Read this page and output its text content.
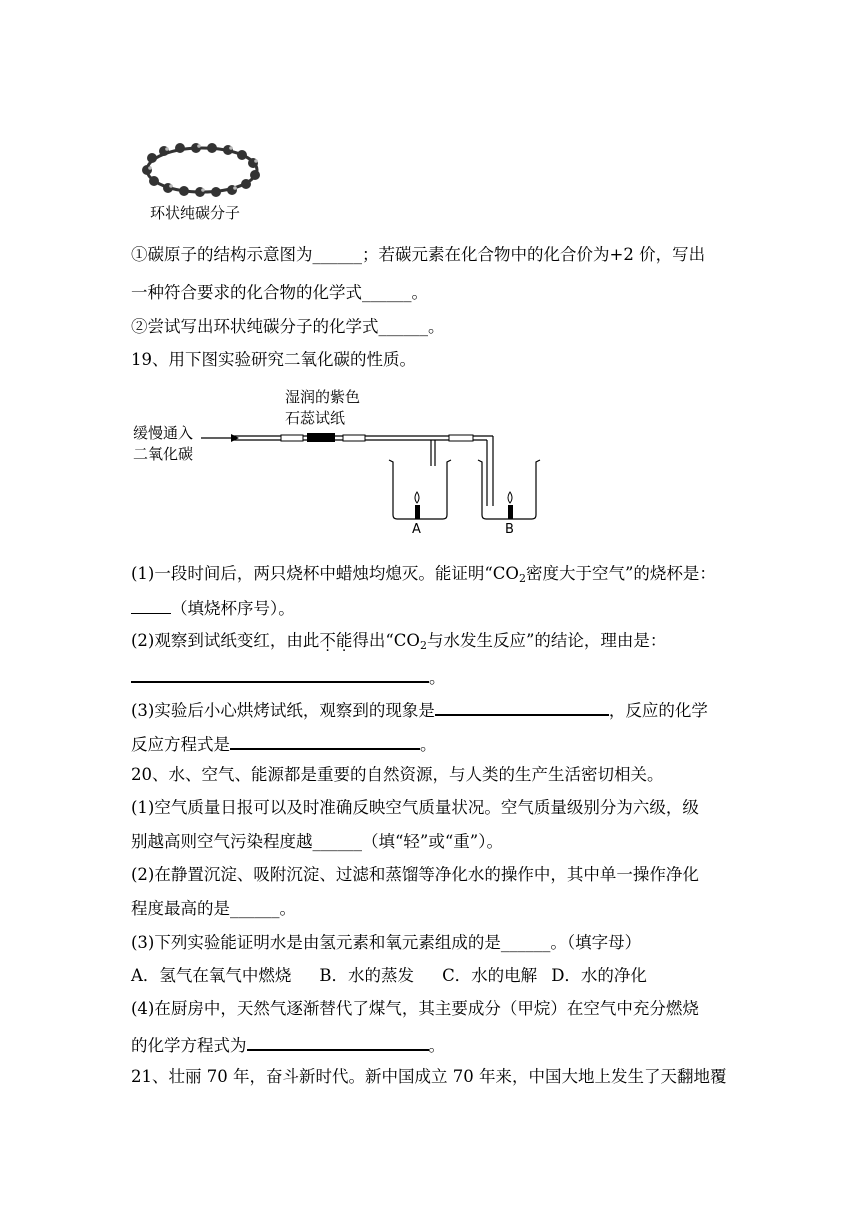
环状纯碳分子
①碳原子的结构示意图为______；若碳元素在化合物中的化合价为+2 价，写出
一种符合要求的化合物的化学式______。
②尝试写出环状纯碳分子的化学式______。
19、用下图实验研究二氧化碳的性质。
湿润的紫色
石蕊试纸
缓慢通入
二氧化碳
A	B
(1)一段时间后，两只烧杯中蜡烛均熄灭。能证明“$CO_2$密度大于空气”的烧杯是：
（填烧杯序号）。
(2)观察到试纸变红，由此不能得出“$CO_2$与水发生反应”的结论，理由是：
。
(3)实验后小心烘烤试纸，观察到的现象是	，反应的化学
反应方程式是	。
20、水、空气、能源都是重要的自然资源，与人类的生产生活密切相关。
(1)空气质量日报可以及时准确反映空气质量状况。空气质量级别分为六级，级
别越高则空气污染程度越______（填“轻”或“重”）。
(2)在静置沉淀、吸附沉淀、过滤和蒸馏等净化水的操作中，其中单一操作净化
程度最高的是______。
(3)下列实验能证明水是由氢元素和氧元素组成的是______。（填字母）
A．氢气在氧气中燃烧 B．水的蒸发 C．水的电解 D．水的净化
(4)在厨房中，天然气逐渐替代了煤气，其主要成分（甲烷）在空气中充分燃烧
的化学方程式为	。
21、壮丽 70 年，奋斗新时代。新中国成立 70 年来，中国大地上发生了天翻地覆
